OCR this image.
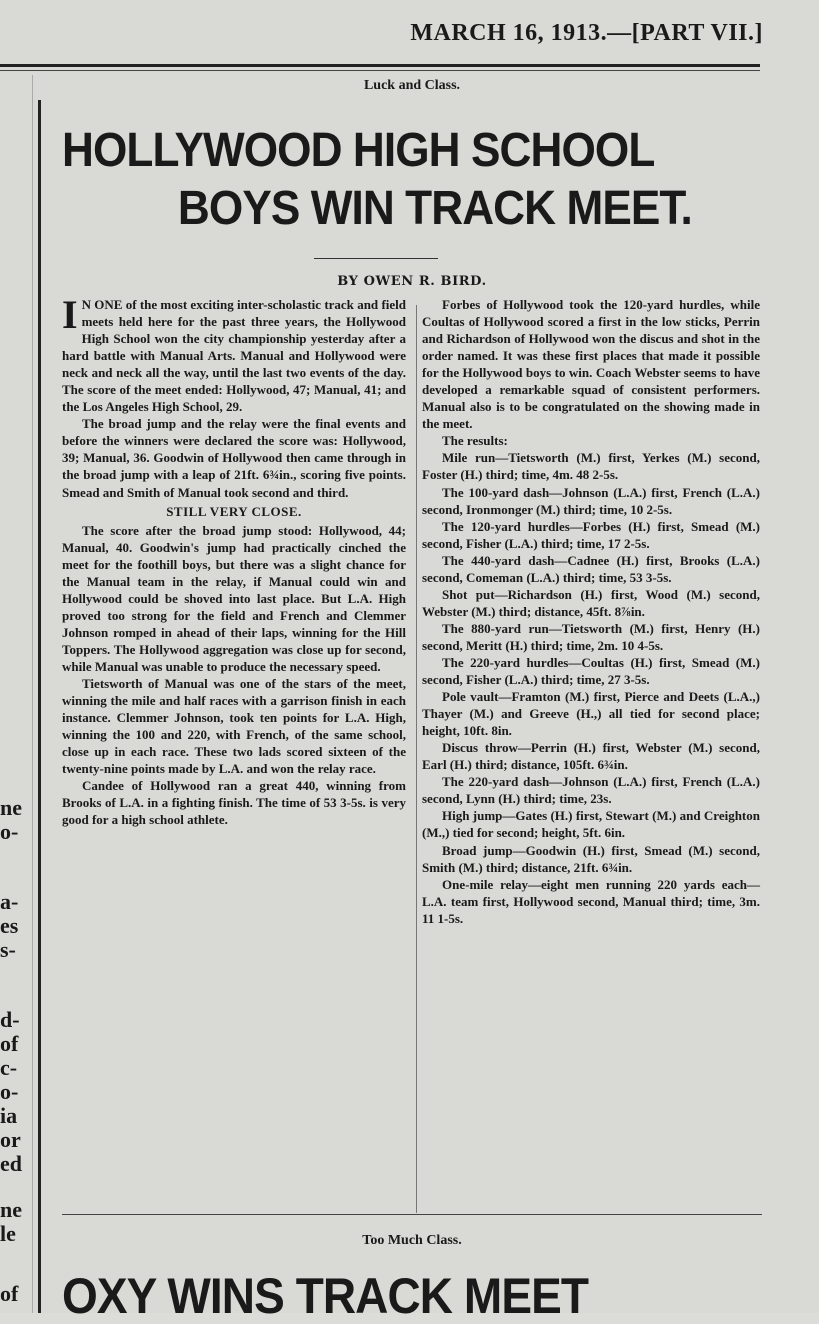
MARCH 16, 1913.—[PART VII.]
ne
o-
a-
es
s-
d-
of
c-
o-
ia
or
ed
ne
le
of

Luck and Class.

HOLLYWOOD HIGH SCHOOL
BOYS WIN TRACK MEET.
BY OWEN R. BIRD.

I N ONE of the most exciting inter-scholastic track and field meets held here for the past three years, the Hollywood High School won the city championship yesterday after a hard battle with Manual Arts. Manual and Hollywood were neck and neck all the way, until the last two events of the day. The score of the meet ended: Hollywood, 47; Manual, 41; and the Los Angeles High School, 29.

The broad jump and the relay were the final events and before the winners were declared the score was: Hollywood, 39; Manual, 36. Goodwin of Hollywood then came through in the broad jump with a leap of 21ft. 6¾in., scoring five points. Smead and Smith of Manual took second and third.

STILL VERY CLOSE.

The score after the broad jump stood: Hollywood, 44; Manual, 40. Goodwin's jump had practically cinched the meet for the foothill boys, but there was a slight chance for the Manual team in the relay, if Manual could win and Hollywood could be shoved into last place. But L.A. High proved too strong for the field and French and Clemmer Johnson romped in ahead of their laps, winning for the Hill Toppers. The Hollywood aggregation was close up for second, while Manual was unable to produce the necessary speed.

Tietsworth of Manual was one of the stars of the meet, winning the mile and half races with a garrison finish in each instance. Clemmer Johnson, took ten points for L.A. High, winning the 100 and 220, with French, of the same school, close up in each race. These two lads scored sixteen of the twenty-nine points made by L.A. and won the relay race.

Candee of Hollywood ran a great 440, winning from Brooks of L.A. in a fighting finish. The time of 53 3-5s. is very good for a high school athlete.

Forbes of Hollywood took the 120-yard hurdles, while Coultas of Hollywood scored a first in the low sticks, Perrin and Richardson of Hollywood won the discus and shot in the order named. It was these first places that made it possible for the Hollywood boys to win. Coach Webster seems to have developed a remarkable squad of consistent performers. Manual also is to be congratulated on the showing made in the meet.

The results:

Mile run—Tietsworth (M.) first, Yerkes (M.) second, Foster (H.) third; time, 4m. 48 2-5s.

The 100-yard dash—Johnson (L.A.) first, French (L.A.) second, Ironmonger (M.) third; time, 10 2-5s.

The 120-yard hurdles—Forbes (H.) first, Smead (M.) second, Fisher (L.A.) third; time, 17 2-5s.

The 440-yard dash—Cadnee (H.) first, Brooks (L.A.) second, Comeman (L.A.) third; time, 53 3-5s.

Shot put—Richardson (H.) first, Wood (M.) second, Webster (M.) third; distance, 45ft. 8⅞in.

The 880-yard run—Tietsworth (M.) first, Henry (H.) second, Meritt (H.) third; time, 2m. 10 4-5s.

The 220-yard hurdles—Coultas (H.) first, Smead (M.) second, Fisher (L.A.) third; time, 27 3-5s.

Pole vault—Framton (M.) first, Pierce and Deets (L.A.,) Thayer (M.) and Greeve (H.,) all tied for second place; height, 10ft. 8in.

Discus throw—Perrin (H.) first, Webster (M.) second, Earl (H.) third; distance, 105ft. 6¾in.

The 220-yard dash—Johnson (L.A.) first, French (L.A.) second, Lynn (H.) third; time, 23s.

High jump—Gates (H.) first, Stewart (M.) and Creighton (M.,) tied for second; height, 5ft. 6in.

Broad jump—Goodwin (H.) first, Smead (M.) second, Smith (M.) third; distance, 21ft. 6¾in.

One-mile relay—eight men running 220 yards each—L.A. team first, Hollywood second, Manual third; time, 3m. 11 1-5s.

Too Much Class.
OXY WINS TRACK MEET
